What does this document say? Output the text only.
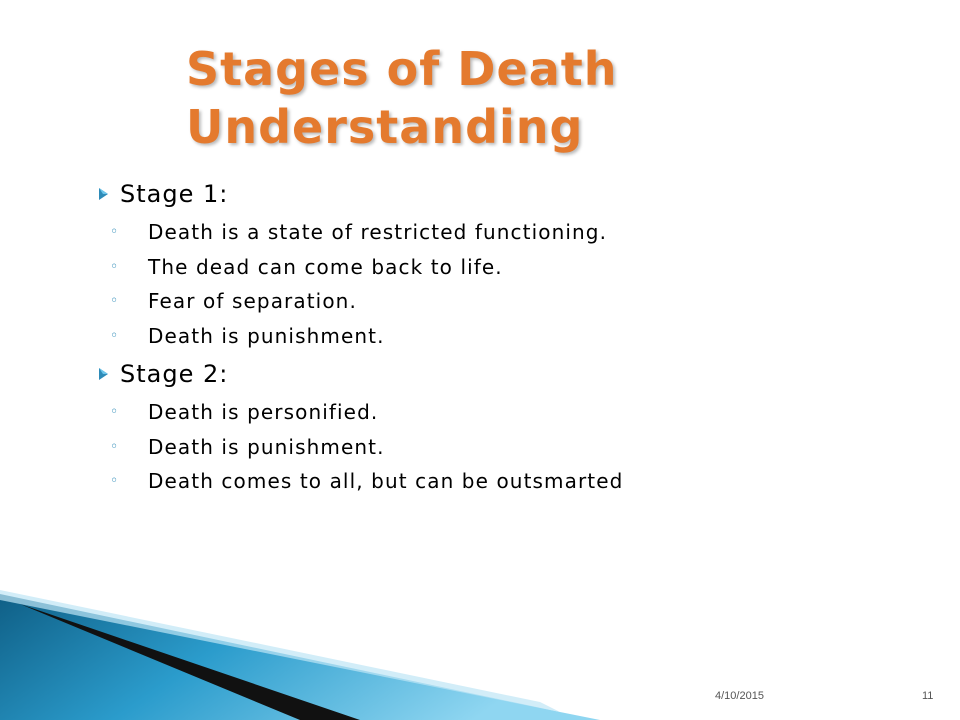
Stages of Death
Understanding
Stage 1:
◦	Death is a state of restricted functioning.
◦	The dead can come back to life.
◦	Fear of separation.
◦	Death is punishment.
Stage 2:
◦	Death is personified.
◦	Death is punishment.
◦	Death comes to all, but can be outsmarted
4/10/2015	11
